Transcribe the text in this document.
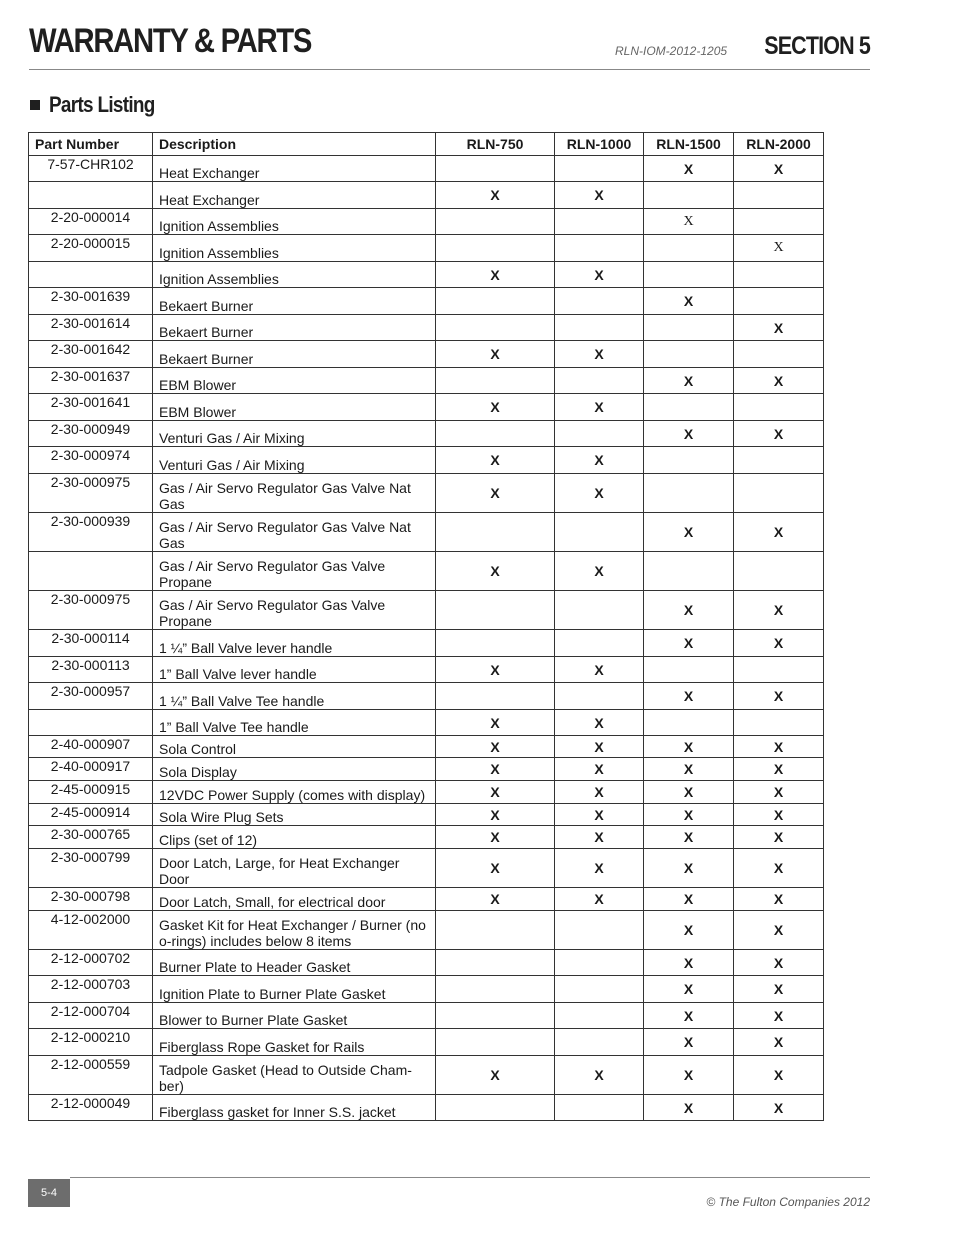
WARRANTY & PARTS	RLN-IOM-2012-1205 SECTION 5
Parts Listing
Part Number	Description	RLN-750	RLN-1000	RLN-1500	RLN-2000
7-57-CHR102	Heat Exchanger			X	X
	Heat Exchanger	X	X		
2-20-000014	Ignition Assemblies			X	
2-20-000015	Ignition Assemblies				X
	Ignition Assemblies	X	X		
2-30-001639	Bekaert Burner			X	
2-30-001614	Bekaert Burner				X
2-30-001642	Bekaert Burner	X	X		
2-30-001637	EBM Blower			X	X
2-30-001641	EBM Blower	X	X		
2-30-000949	Venturi Gas / Air Mixing			X	X
2-30-000974	Venturi Gas / Air Mixing	X	X		
2-30-000975	Gas / Air Servo Regulator Gas Valve Nat Gas	X	X		
2-30-000939	Gas / Air Servo Regulator Gas Valve Nat Gas			X	X
	Gas / Air Servo Regulator Gas Valve Propane	X	X		
2-30-000975	Gas / Air Servo Regulator Gas Valve Propane			X	X
2-30-000114	1 ¼” Ball Valve lever handle			X	X
2-30-000113	1” Ball Valve lever handle	X	X		
2-30-000957	1 ¼” Ball Valve Tee handle			X	X
	1” Ball Valve Tee handle	X	X		
2-40-000907	Sola Control	X	X	X	X
2-40-000917	Sola Display	X	X	X	X
2-45-000915	12VDC Power Supply (comes with display)	X	X	X	X
2-45-000914	Sola Wire Plug Sets	X	X	X	X
2-30-000765	Clips (set of 12)	X	X	X	X
2-30-000799	Door Latch, Large, for Heat Exchanger Door	X	X	X	X
2-30-000798	Door Latch, Small, for electrical door	X	X	X	X
4-12-002000	Gasket Kit for Heat Exchanger / Burner (no o-rings) includes below 8 items			X	X
2-12-000702	Burner Plate to Header Gasket			X	X
2-12-000703	Ignition Plate to Burner Plate Gasket			X	X
2-12-000704	Blower to Burner Plate Gasket			X	X
2-12-000210	Fiberglass Rope Gasket for Rails			X	X
2-12-000559	Tadpole Gasket (Head to Outside Cham-ber)	X	X	X	X
2-12-000049	Fiberglass gasket for Inner S.S. jacket			X	X
5-4
© The Fulton Companies 2012
